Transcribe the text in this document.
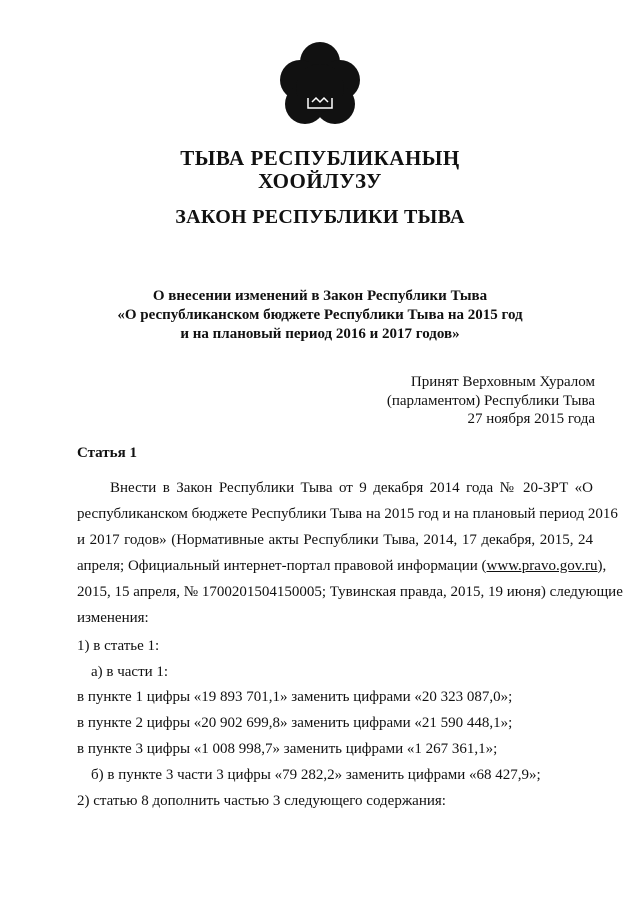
ТЫВА РЕСПУБЛИКАНЫҢ
ХООЙЛУЗУ
ЗАКОН РЕСПУБЛИКИ ТЫВА
О внесении изменений в Закон Республики Тыва
«О республиканском бюджете Республики Тыва на 2015 год
и на плановый период 2016 и 2017 годов»
Принят Верховным Хуралом
(парламентом) Республики Тыва
27 ноября 2015 года
Статья 1
Внести в Закон Республики Тыва от 9 декабря 2014 года № 20-ЗРТ «О
республиканском бюджете Республики Тыва на 2015 год и на плановый период 2016
и 2017 годов» (Нормативные акты Республики Тыва, 2014, 17 декабря, 2015, 24
апреля; Официальный интернет-портал правовой информации ( www.pravo.gov.ru ),
2015, 15 апреля, № 1700201504150005; Тувинская правда, 2015, 19 июня) следующие
изменения:
1) в статье 1:
а) в части 1:
в пункте 1 цифры «19 893 701,1» заменить цифрами «20 323 087,0»;
в пункте 2 цифры «20 902 699,8» заменить цифрами «21 590 448,1»;
в пункте 3 цифры «1 008 998,7» заменить цифрами «1 267 361,1»;
б) в пункте 3 части 3 цифры «79 282,2» заменить цифрами «68 427,9»;
2) статью 8 дополнить частью 3 следующего содержания:
